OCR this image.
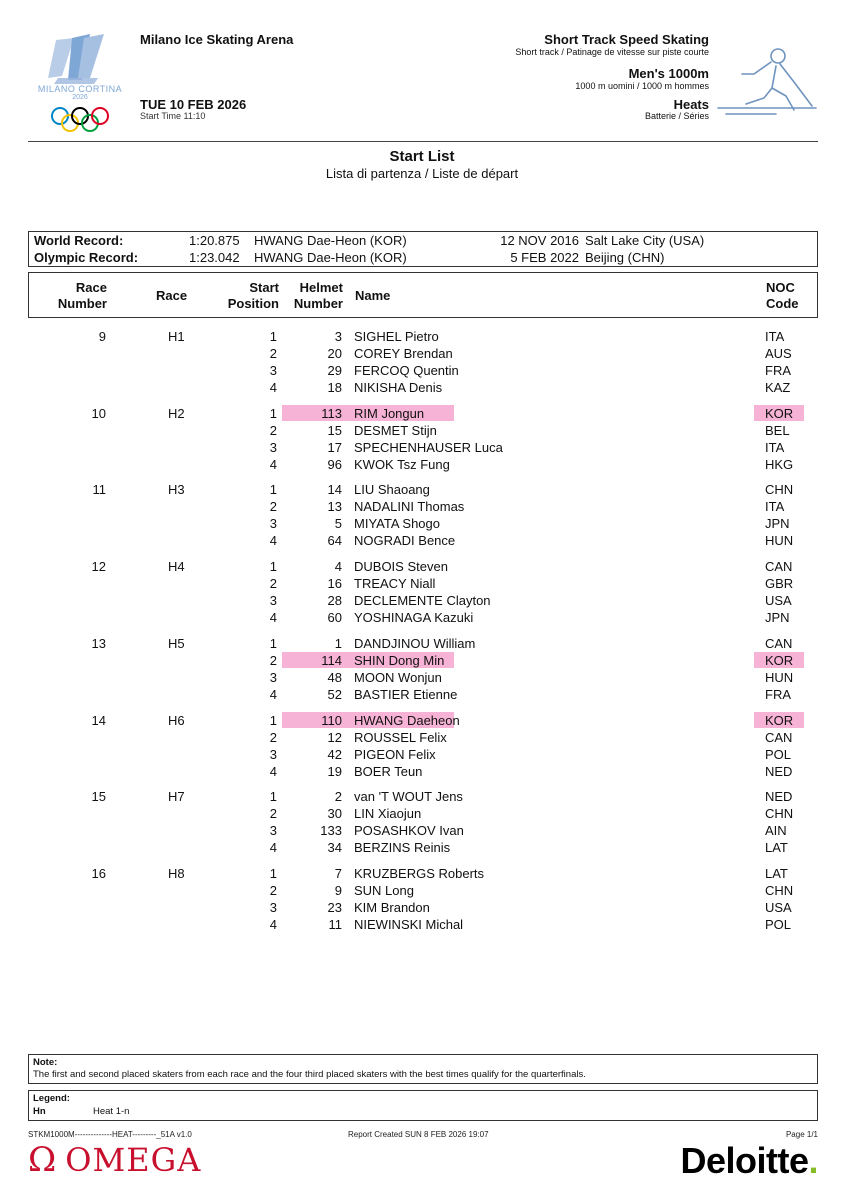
MILANO CORTINA
2026
Milano Ice Skating Arena
TUE 10 FEB 2026
Start Time 11:10
Short Track Speed Skating
Short track / Patinage de vitesse sur piste courte
Men's 1000m
1000 m uomini / 1000 m hommes
Heats
Batterie / Séries
Start List
Lista di partenza / Liste de départ
World Record:	1:20.875 HWANG Dae-Heon (KOR)	12 NOV 2016 Salt Lake City (USA)
Olympic Record:	1:23.042 HWANG Dae-Heon (KOR)	5 FEB 2022 Beijing (CHN)
Race
Number
Race
Start
Position
Helmet
Number
Name
NOC
Code
9	H1	1	3 SIGHEL Pietro	ITA
2	20 COREY Brendan	AUS
3	29 FERCOQ Quentin	FRA
4	18 NIKISHA Denis	KAZ
10	H2	1	113 RIM Jongun	KOR
2	15 DESMET Stijn	BEL
3	17 SPECHENHAUSER Luca	ITA
4	96 KWOK Tsz Fung	HKG
11	H3	1	14 LIU Shaoang	CHN
2	13 NADALINI Thomas	ITA
3	5 MIYATA Shogo	JPN
4	64 NOGRADI Bence	HUN
12	H4	1	4 DUBOIS Steven	CAN
2	16 TREACY Niall	GBR
3	28 DECLEMENTE Clayton	USA
4	60 YOSHINAGA Kazuki	JPN
13	H5	1	1 DANDJINOU William	CAN
2	114 SHIN Dong Min	KOR
3	48 MOON Wonjun	HUN
4	52 BASTIER Etienne	FRA
14	H6	1	110 HWANG Daeheon	KOR
2	12 ROUSSEL Felix	CAN
3	42 PIGEON Felix	POL
4	19 BOER Teun	NED
15	H7	1	2 van 'T WOUT Jens	NED
2	30 LIN Xiaojun	CHN
3	133 POSASHKOV Ivan	AIN
4	34 BERZINS Reinis	LAT
16	H8	1	7 KRUZBERGS Roberts	LAT
2	9 SUN Long	CHN
3	23 KIM Brandon	USA
4	11 NIEWINSKI Michal	POL
Note:
The first and second placed skaters from each race and the four third placed skaters with the best times qualify for the quarterfinals.
Legend:
Hn	Heat 1-n
STKM1000M--------------HEAT---------_51A v1.0	Report Created SUN 8 FEB 2026 19:07	Page 1/1
Ω OMEGA	Deloitte.
